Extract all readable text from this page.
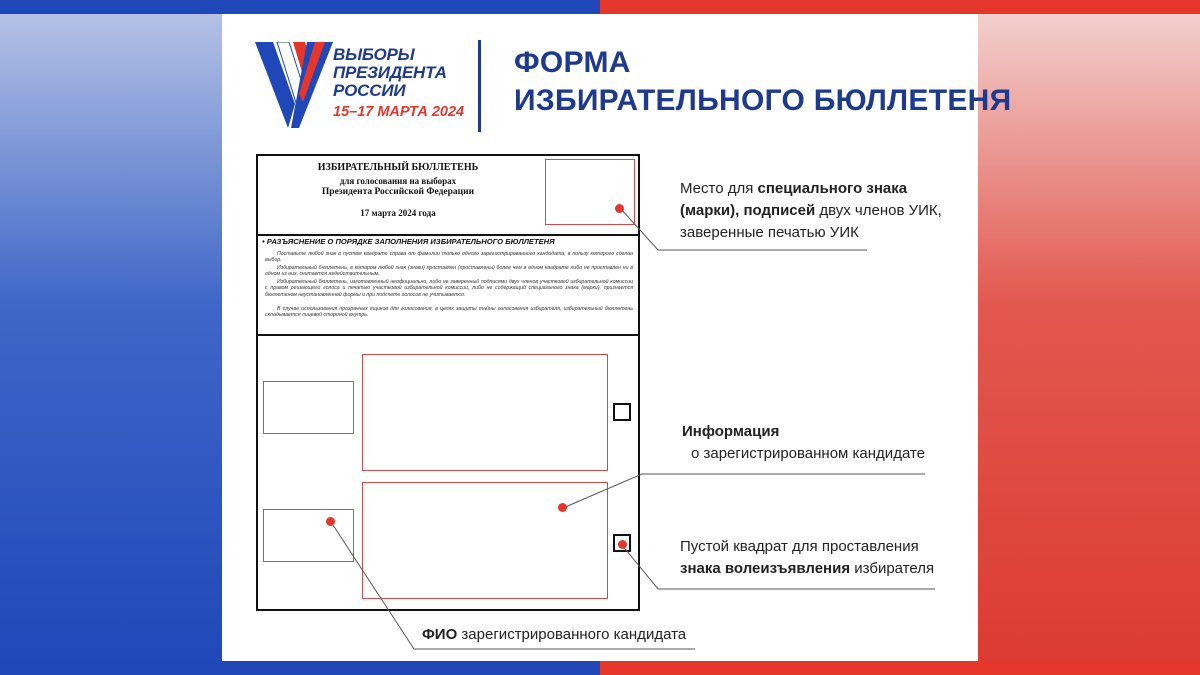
ВЫБОРЫ
ПРЕЗИДЕНТА
РОССИИ
15–17 МАРТА 2024
ФОРМА
ИЗБИРАТЕЛЬНОГО БЮЛЛЕТЕНЯ
ИЗБИРАТЕЛЬНЫЙ БЮЛЛЕТЕНЬ
для голосования на выборах
Президента Российской Федерации
17 марта 2024 года
• РАЗЪЯСНЕНИЕ О ПОРЯДКЕ ЗАПОЛНЕНИЯ ИЗБИРАТЕЛЬНОГО БЮЛЛЕТЕНЯ
Поставьте любой знак в пустом квадрате справа от фамилии только одного зарегистрированного кандидата, в пользу которого сделан выбор.
Избирательный бюллетень, в котором любой знак (знаки) проставлен (проставлены) более чем в одном квадрате либо не проставлен ни в одном из них, считается недействительным.
Избирательный бюллетень, изготовленный неофициально, либо не заверенный подписями двух членов участковой избирательной комиссии с правом решающего голоса и печатью участковой избирательной комиссии, либо не содержащий специального знака (марки), признается бюллетенем неустановленной формы и при подсчете голосов не учитывается.
В случае использования прозрачных ящиков для голосования, в целях защиты тайны голосования избирателя, избирательный бюллетень складывается лицевой стороной внутрь.
Место для специального знака
(марки), подписей двух членов УИК,
заверенные печатью УИК
Информация
о зарегистрированном кандидате
Пустой квадрат для проставления
знака волеизъявления избирателя
ФИО зарегистрированного кандидата
